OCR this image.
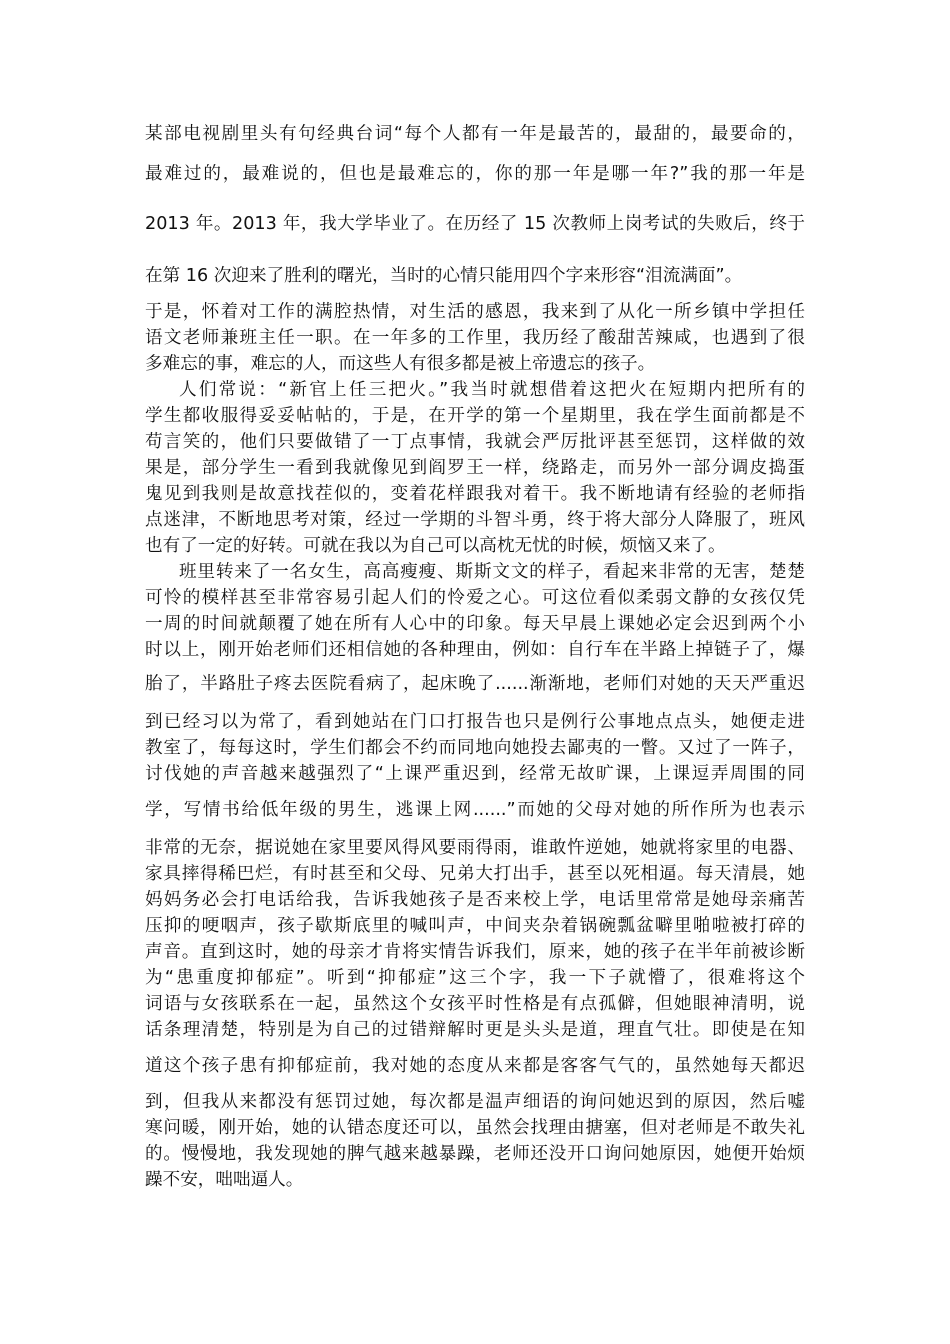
某部电视剧里头有句经典台词“每个人都有一年是最苦的，最甜的，最要命的，
最难过的，最难说的，但也是最难忘的，你的那一年是哪一年?”我的那一年是
2013 年。2013 年，我大学毕业了。在历经了 15 次教师上岗考试的失败后，终于
在第 16 次迎来了胜利的曙光，当时的心情只能用四个字来形容“泪流满面”。
于是，怀着对工作的满腔热情，对生活的感恩，我来到了从化一所乡镇中学担任
语文老师兼班主任一职。在一年多的工作里，我历经了酸甜苦辣咸，也遇到了很
多难忘的事，难忘的人，而这些人有很多都是被上帝遗忘的孩子。
人们常说：“新官上任三把火。”我当时就想借着这把火在短期内把所有的
学生都收服得妥妥帖帖的，于是，在开学的第一个星期里，我在学生面前都是不
苟言笑的，他们只要做错了一丁点事情，我就会严厉批评甚至惩罚，这样做的效
果是，部分学生一看到我就像见到阎罗王一样，绕路走，而另外一部分调皮捣蛋
鬼见到我则是故意找茬似的，变着花样跟我对着干。我不断地请有经验的老师指
点迷津，不断地思考对策，经过一学期的斗智斗勇，终于将大部分人降服了，班风
也有了一定的好转。可就在我以为自己可以高枕无忧的时候，烦恼又来了。
班里转来了一名女生，高高瘦瘦、斯斯文文的样子，看起来非常的无害，楚楚
可怜的模样甚至非常容易引起人们的怜爱之心。可这位看似柔弱文静的女孩仅凭
一周的时间就颠覆了她在所有人心中的印象。每天早晨上课她必定会迟到两个小
时以上，刚开始老师们还相信她的各种理由，例如：自行车在半路上掉链子了，爆
胎了，半路肚子疼去医院看病了，起床晚了......渐渐地，老师们对她的天天严重迟
到已经习以为常了，看到她站在门口打报告也只是例行公事地点点头，她便走进
教室了，每每这时，学生们都会不约而同地向她投去鄙夷的一瞥。又过了一阵子，
讨伐她的声音越来越强烈了“上课严重迟到，经常无故旷课，上课逗弄周围的同
学，写情书给低年级的男生，逃课上网......”而她的父母对她的所作所为也表示
非常的无奈，据说她在家里要风得风要雨得雨，谁敢忤逆她，她就将家里的电器、
家具摔得稀巴烂，有时甚至和父母、兄弟大打出手，甚至以死相逼。每天清晨，她
妈妈务必会打电话给我，告诉我她孩子是否来校上学，电话里常常是她母亲痛苦
压抑的哽咽声，孩子歇斯底里的喊叫声，中间夹杂着锅碗瓢盆噼里啪啦被打碎的
声音。直到这时，她的母亲才肯将实情告诉我们，原来，她的孩子在半年前被诊断
为“患重度抑郁症”。听到“抑郁症”这三个字，我一下子就懵了，很难将这个
词语与女孩联系在一起，虽然这个女孩平时性格是有点孤僻，但她眼神清明，说
话条理清楚，特别是为自己的过错辩解时更是头头是道，理直气壮。即使是在知
道这个孩子患有抑郁症前，我对她的态度从来都是客客气气的，虽然她每天都迟
到，但我从来都没有惩罚过她，每次都是温声细语的询问她迟到的原因，然后嘘
寒问暖，刚开始，她的认错态度还可以，虽然会找理由搪塞，但对老师是不敢失礼
的。慢慢地，我发现她的脾气越来越暴躁，老师还没开口询问她原因，她便开始烦
躁不安，咄咄逼人。
